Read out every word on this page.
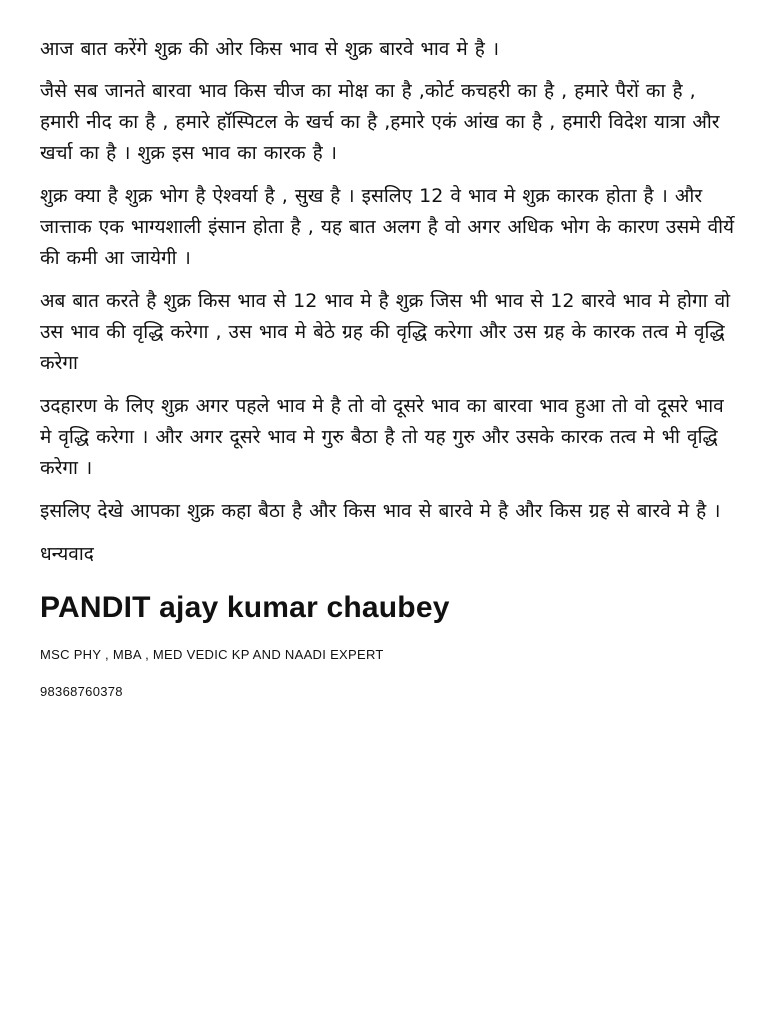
आज बात करेंगे शुक्र की ओर किस भाव से शुक्र बारवे भाव मे है ।

जैसे सब जानते बारवा भाव किस चीज का मोक्ष का है ,कोर्ट कचहरी का है , हमारे पैरों का है , हमारी नीद का है , हमारे हॉस्पिटल के खर्च का है ,हमारे एकं आंख का है , हमारी विदेश यात्रा और खर्चा का है । शुक्र इस भाव का कारक है ।

शुक्र क्या है शुक्र भोग है ऐश्वर्या है , सुख है । इसलिए 12 वे भाव मे शुक्र कारक होता है । और जात्ताक एक भाग्यशाली इंसान होता है , यह बात अलग है वो अगर अधिक भोग के कारण उसमे वीर्ये की कमी आ जायेगी ।

अब बात करते है शुक्र किस भाव से 12 भाव मे है शुक्र जिस भी भाव से 12 बारवे भाव मे होगा वो उस भाव की वृद्धि करेगा , उस भाव मे बेठे ग्रह की वृद्धि करेगा और उस ग्रह के कारक तत्व मे वृद्धि करेगा

उदहारण के लिए शुक्र अगर पहले भाव मे है तो वो दूसरे भाव का बारवा भाव हुआ तो वो दूसरे भाव मे वृद्धि करेगा । और अगर दूसरे भाव मे गुरु बैठा है तो यह गुरु और उसके कारक तत्व मे भी वृद्धि करेगा ।

इसलिए देखे आपका शुक्र कहा बैठा है और किस भाव से बारवे मे है और किस ग्रह से बारवे मे है ।

धन्यवाद

PANDIT ajay kumar chaubey

MSC PHY , MBA , MED VEDIC KP AND NAADI EXPERT

98368760378
